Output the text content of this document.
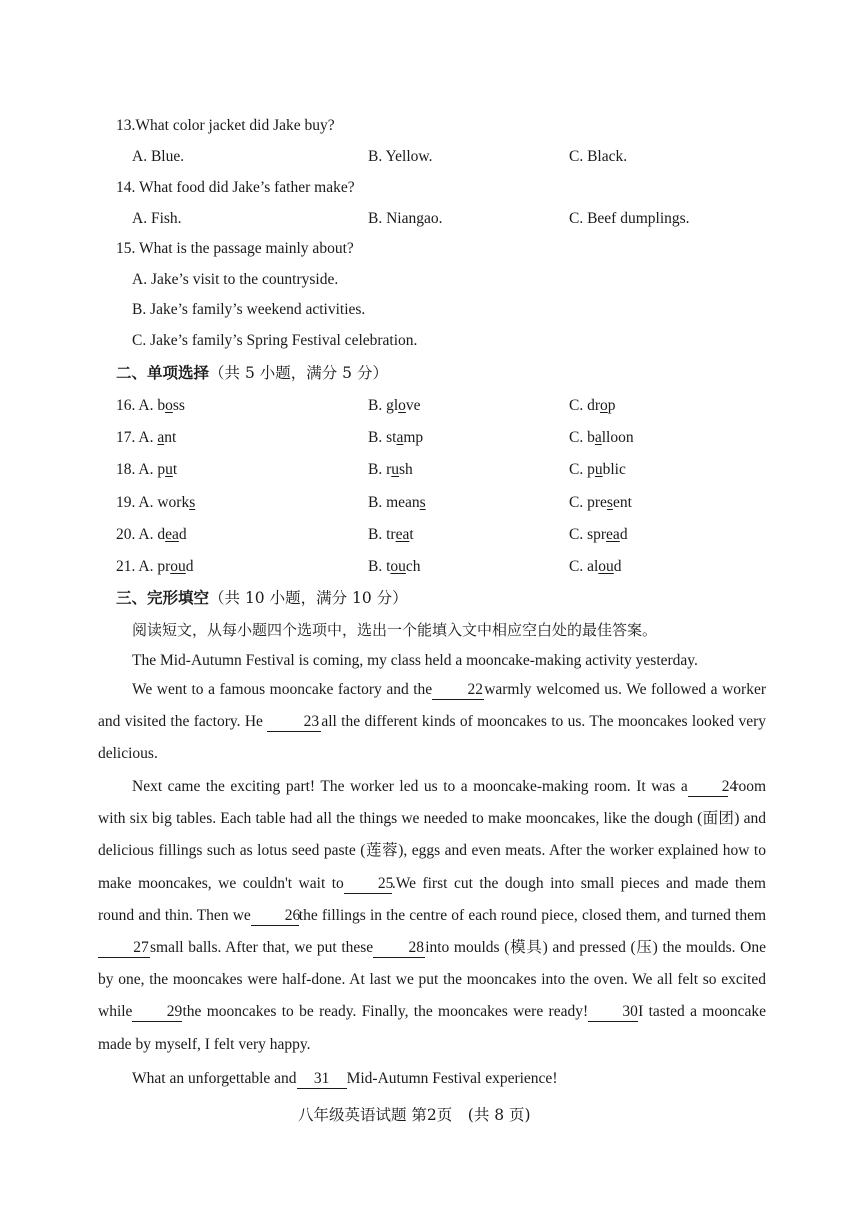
13.What color jacket did Jake buy?
A. Blue.	B. Yellow.	C. Black.
14. What food did Jake’s father make?
A. Fish.	B. Niangao.	C. Beef dumplings.
15. What is the passage mainly about?
A. Jake’s visit to the countryside.
B. Jake’s family’s weekend activities.
C. Jake’s family’s Spring Festival celebration.
二、单项选择（共 5 小题，满分 5 分）
16. A. boss	B. glove	C. drop
17. A. ant	B. stamp	C. balloon
18. A. put	B. rush	C. public
19. A. works	B. means	C. present
20. A. dead	B. treat	C. spread
21. A. proud	B. touch	C. aloud
三、完形填空（共 10 小题，满分 10 分）
阅读短文，从每小题四个选项中，选出一个能填入文中相应空白处的最佳答案。
The Mid-Autumn Festival is coming, my class held a mooncake-making activity yesterday.
We went to a famous mooncake factory and the 22warmly welcomed us. We followed a worker and visited the factory. He	23 all the different kinds of mooncakes to us. The mooncakes looked very delicious.
Next came the exciting part! The worker led us to a mooncake-making room. It was a 24 room with six big tables. Each table had all the things we needed to make mooncakes, like the dough (面团) and delicious fillings such as lotus seed paste (莲蓉), eggs and even meats. After the worker explained how to make mooncakes, we couldn't wait to 25.We first cut the dough into small pieces and made them round and thin. Then we 26the fillings in the centre of each round piece, closed them, and turned them27small balls. After that, we put these 28into moulds (模具) and pressed (压) the moulds. One by one, the mooncakes were half-done. At last we put the mooncakes into the oven. We all felt so excited while 29the mooncakes to be ready. Finally, the mooncakes were ready! 30I tasted a mooncake made by myself, I felt very happy.
What an unforgettable and 31 Mid-Autumn Festival experience!
八年级英语试题 第2页　(共 8 页)
